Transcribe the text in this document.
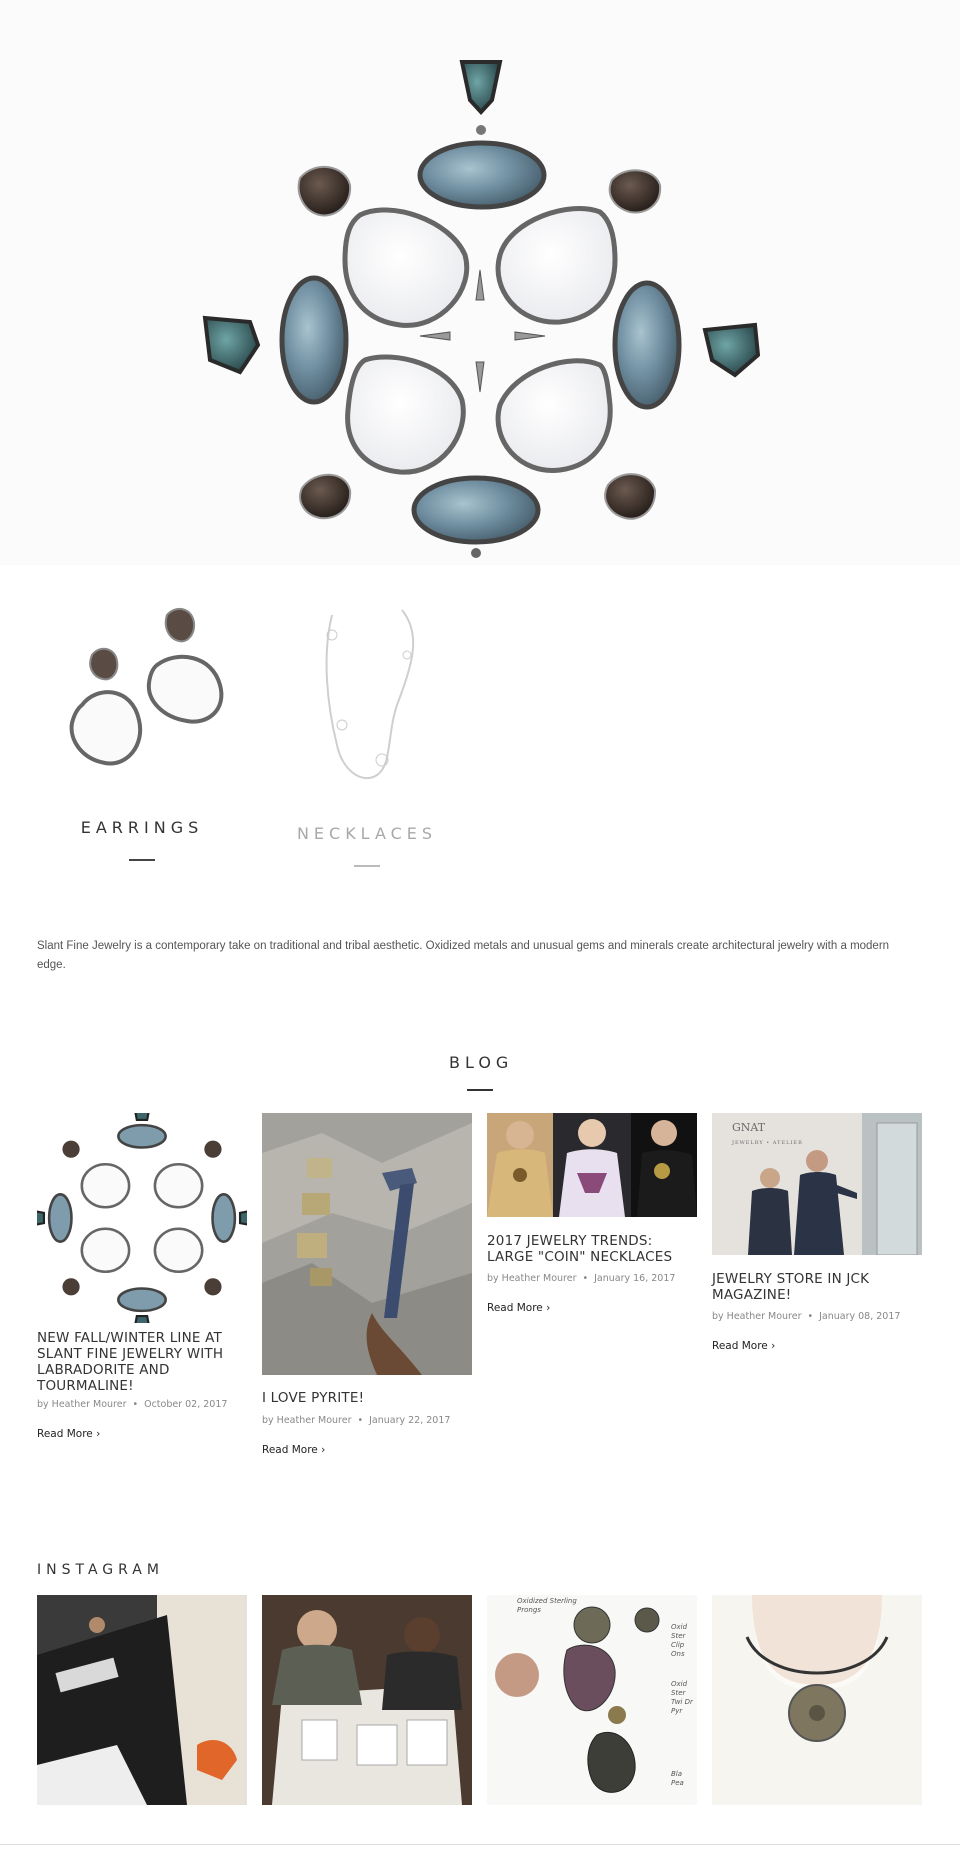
EARRINGS	NECKLACES
Slant Fine Jewelry is a contemporary take on traditional and tribal aesthetic. Oxidized metals and unusual gems and minerals create architectural jewelry with a modern edge.
BLOG
NEW FALL/WINTER LINE AT SLANT FINE JEWELRY WITH LABRADORITE AND TOURMALINE!
by Heather Mourer • October 02, 2017
Read More ›
I LOVE PYRITE!
by Heather Mourer • January 22, 2017
Read More ›
2017 JEWELRY TRENDS: LARGE "COIN" NECKLACES
by Heather Mourer • January 16, 2017
Read More ›
GNAT
JEWELRY • ATELIER
JEWELRY STORE IN JCK MAGAZINE!
by Heather Mourer • January 08, 2017
Read More ›
INSTAGRAM
Oxidized Sterling Prongs
Oxid Ster Clip Ons
Oxid Ster Twi Dr Pyr
Bla Pea
